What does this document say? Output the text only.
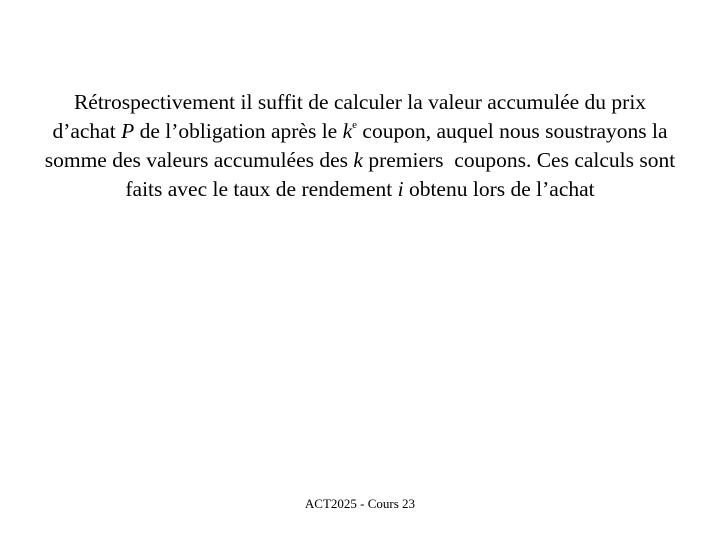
Rétrospectivement il suffit de calculer la valeur accumulée du prix d’achat P de l’obligation après le $k^e$ coupon, auquel nous soustrayons la somme des valeurs accumulées des k premiers  coupons. Ces calculs sont faits avec le taux de rendement i obtenu lors de l’achat
ACT2025 - Cours 23
